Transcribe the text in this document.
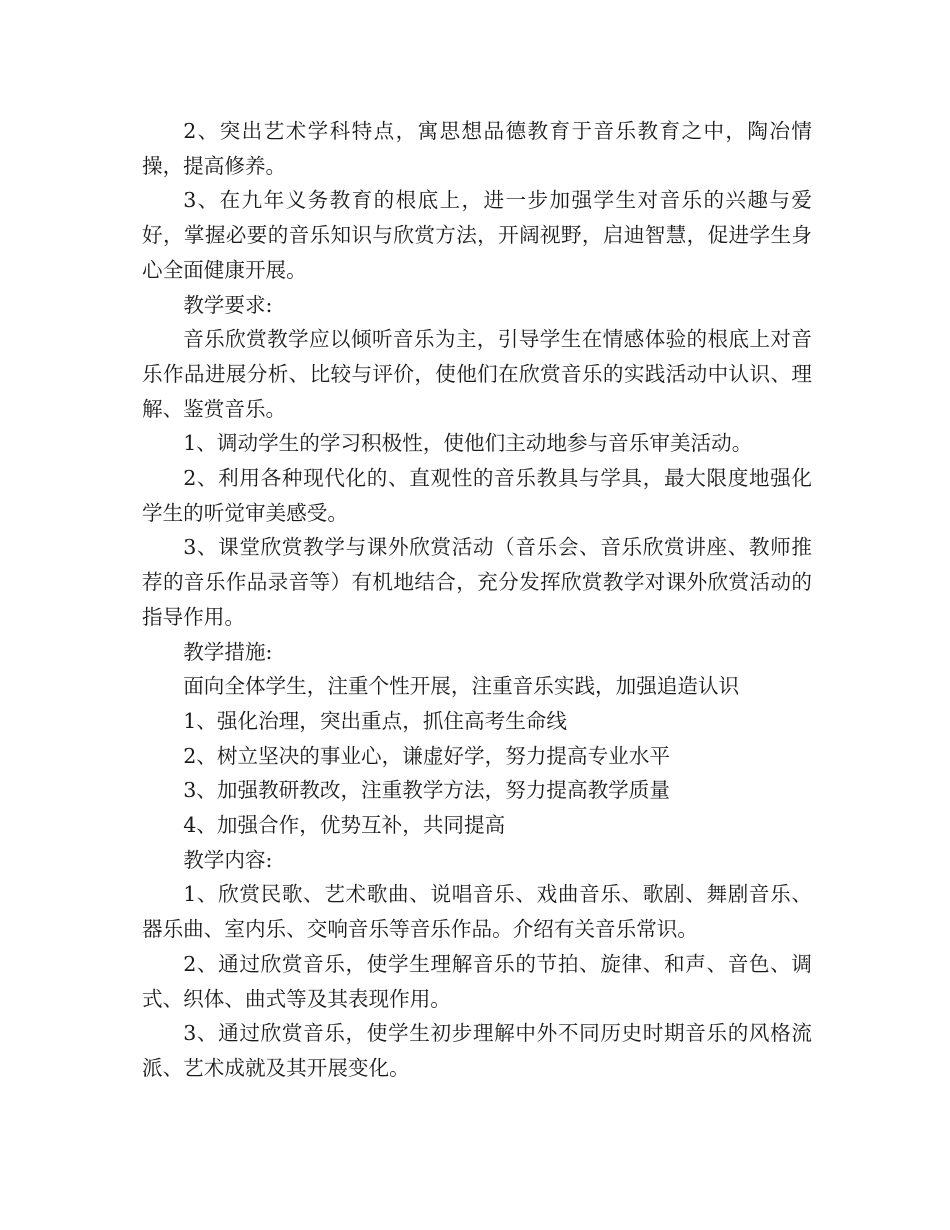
2、突出艺术学科特点，寓思想品德教育于音乐教育之中，陶冶情操，提高修养。

3、在九年义务教育的根底上，进一步加强学生对音乐的兴趣与爱好，掌握必要的音乐知识与欣赏方法，开阔视野，启迪智慧，促进学生身心全面健康开展。

教学要求:

音乐欣赏教学应以倾听音乐为主，引导学生在情感体验的根底上对音乐作品进展分析、比较与评价，使他们在欣赏音乐的实践活动中认识、理解、鉴赏音乐。

1、调动学生的学习积极性，使他们主动地参与音乐审美活动。

2、利用各种现代化的、直观性的音乐教具与学具，最大限度地强化学生的听觉审美感受。

3、课堂欣赏教学与课外欣赏活动（音乐会、音乐欣赏讲座、教师推荐的音乐作品录音等）有机地结合，充分发挥欣赏教学对课外欣赏活动的指导作用。

教学措施:

面向全体学生，注重个性开展，注重音乐实践，加强追造认识

1、强化治理，突出重点，抓住高考生命线

2、树立坚决的事业心，谦虚好学，努力提高专业水平

3、加强教研教改，注重教学方法，努力提高教学质量

4、加强合作，优势互补，共同提高

教学内容:

1、欣赏民歌、艺术歌曲、说唱音乐、戏曲音乐、歌剧、舞剧音乐、器乐曲、室内乐、交响音乐等音乐作品。介绍有关音乐常识。

2、通过欣赏音乐，使学生理解音乐的节拍、旋律、和声、音色、调式、织体、曲式等及其表现作用。

3、通过欣赏音乐，使学生初步理解中外不同历史时期音乐的风格流派、艺术成就及其开展变化。
